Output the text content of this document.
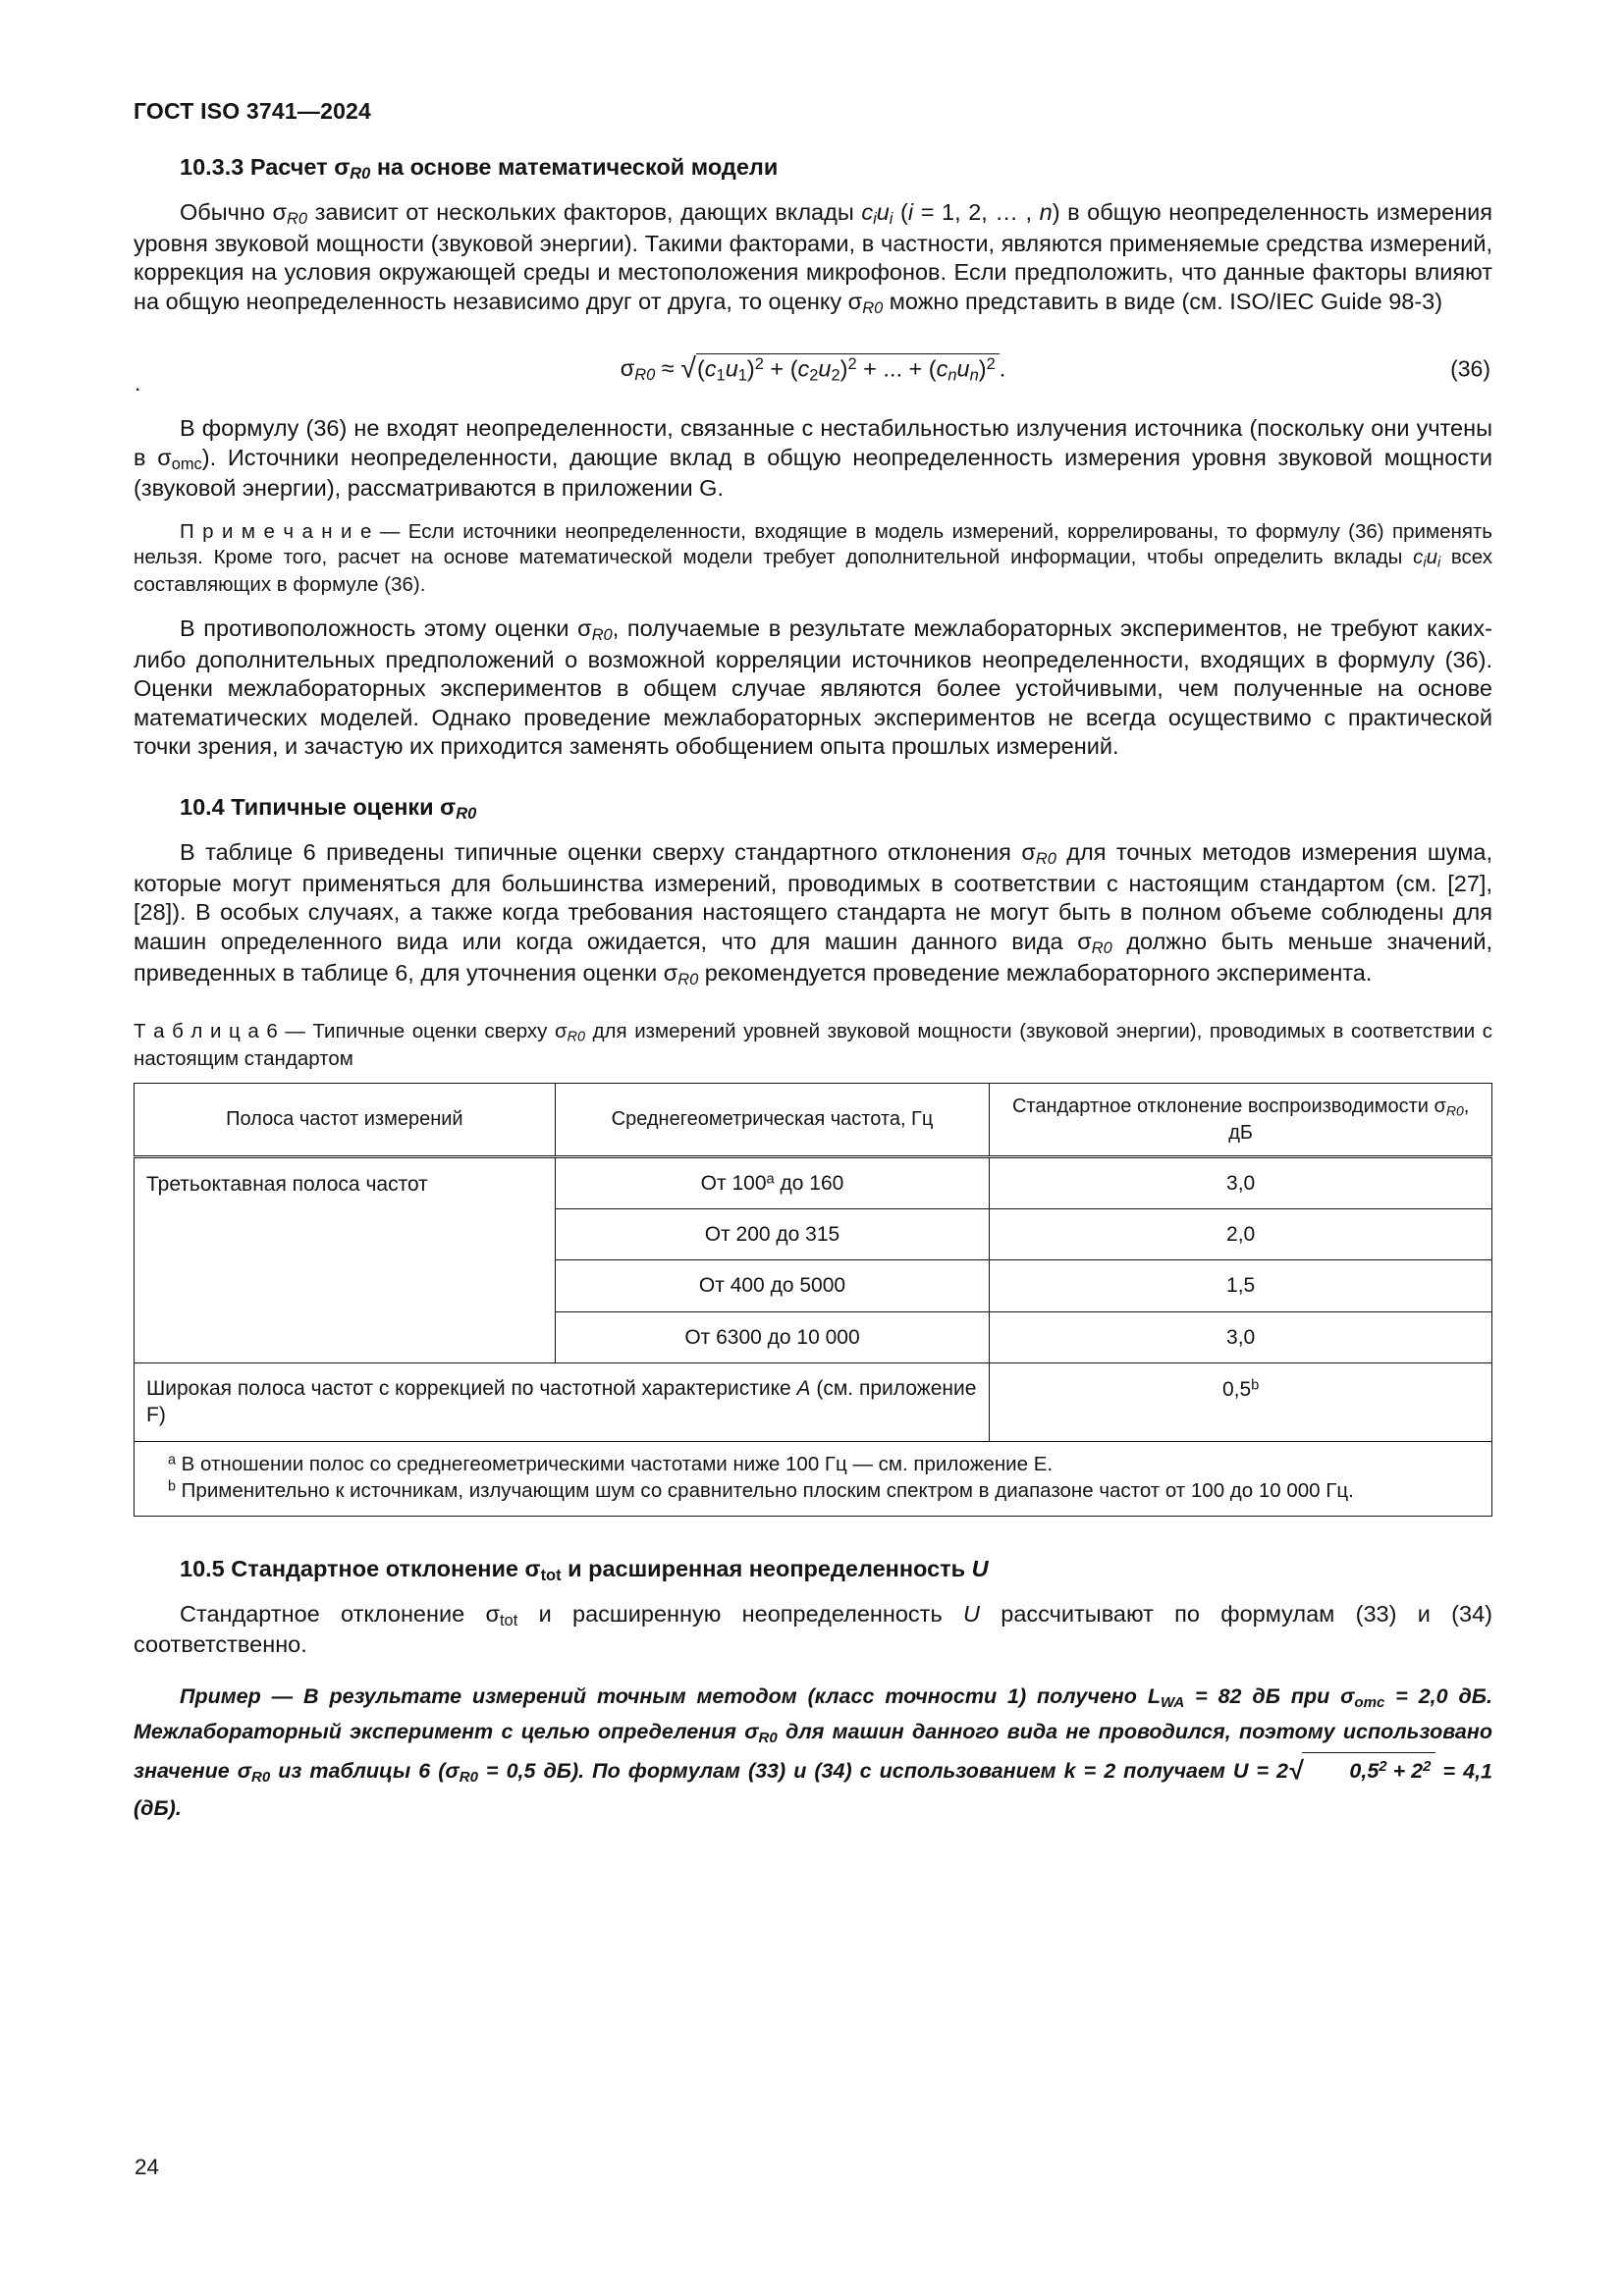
ГОСТ ISO 3741—2024
10.3.3 Расчет $\sigma_{R0}$ на основе математической модели

Обычно $\sigma_{R0}$ зависит от нескольких факторов, дающих вклады $c_iu_i$ (i = 1, 2, … , n) в общую неопределенность измерения уровня звуковой мощности (звуковой энергии). Такими факторами, в частности, являются применяемые средства измерений, коррекция на условия окружающей среды и местоположения микрофонов. Если предположить, что данные факторы влияют на общую неопределенность независимо друг от друга, то оценку $\sigma_{R0}$ можно представить в виде (см. ISO/IEC Guide 98-3)

.
$\sigma_{R0} \approx √(c_1u_1)^2 + (c_2u_2)^2$ + ... + $(c_nu_n)^2$ .	(36)

В формулу (36) не входят неопределенности, связанные с нестабильностью излучения источника (поскольку они учтены в $\sigma_{omc}$). Источники неопределенности, дающие вклад в общую неопределенность измерения уровня звуковой мощности (звуковой энергии), рассматриваются в приложении G.

П р и м е ч а н и е — Если источники неопределенности, входящие в модель измерений, коррелированы, то формулу (36) применять нельзя. Кроме того, расчет на основе математической модели требует дополнительной информации, чтобы определить вклады $c_iu_i$ всех составляющих в формуле (36).

В противоположность этому оценки $\sigma_{R0}$, получаемые в результате межлабораторных экспериментов, не требуют каких-либо дополнительных предположений о возможной корреляции источников неопределенности, входящих в формулу (36). Оценки межлабораторных экспериментов в общем случае являются более устойчивыми, чем полученные на основе математических моделей. Однако проведение межлабораторных экспериментов не всегда осуществимо с практической точки зрения, и зачастую их приходится заменять обобщением опыта прошлых измерений.

10.4 Типичные оценки $\sigma_{R0}$

В таблице 6 приведены типичные оценки сверху стандартного отклонения $\sigma_{R0}$ для точных методов измерения шума, которые могут применяться для большинства измерений, проводимых в соответствии с настоящим стандартом (см. [27], [28]). В особых случаях, а также когда требования настоящего стандарта не могут быть в полном объеме соблюдены для машин определенного вида или когда ожидается, что для машин данного вида $\sigma_{R0}$ должно быть меньше значений, приведенных в таблице 6, для уточнения оценки $\sigma_{R0}$ рекомендуется проведение межлабораторного эксперимента.

Т а б л и ц а 6 — Типичные оценки сверху $\sigma_{R0}$ для измерений уровней звуковой мощности (звуковой энергии), проводимых в соответствии с настоящим стандартом

Полоса частот измерений	Среднегеометрическая частота, Гц	Стандартное отклонение воспроизводимости $\sigma_{R0}$, дБ
Третьоктавная полоса частот	От 100$^a$ до 160	3,0
	От 200 до 315	2,0
	От 400 до 5000	1,5
	От 6300 до 10 000	3,0
Широкая полоса частот с коррекцией по частотной характеристике A (см. приложение F)		0,5$^b$

$^a$ В отношении полос со среднегеометрическими частотами ниже 100 Гц — см. приложение Е.

$^b$ Применительно к источникам, излучающим шум со сравнительно плоским спектром в диапазоне частот от 100 до 10 000 Гц.		

10.5 Стандартное отклонение $\sigma_{tot}$ и расширенная неопределенность U

Стандартное отклонение $\sigma_{tot}$ и расширенную неопределенность U рассчитывают по формулам (33) и (34) соответственно.

Пример — В результате измерений точным методом (класс точности 1) получено $L_{WA} = 82$ дБ при $\sigma_{omc} = 2,0$ дБ. Межлабораторный эксперимент с целью определения $\sigma_{R0}$ для машин данного вида не проводился, поэтому использовано значение $\sigma_{R0}$ из таблицы 6 ($\sigma_{R0} = 0,5$ дБ). По формулам (33) и (34) с использованием k = 2 получаем U = 2√ $0,5^2 + 2^2 = 4,1$ (дБ).

24
